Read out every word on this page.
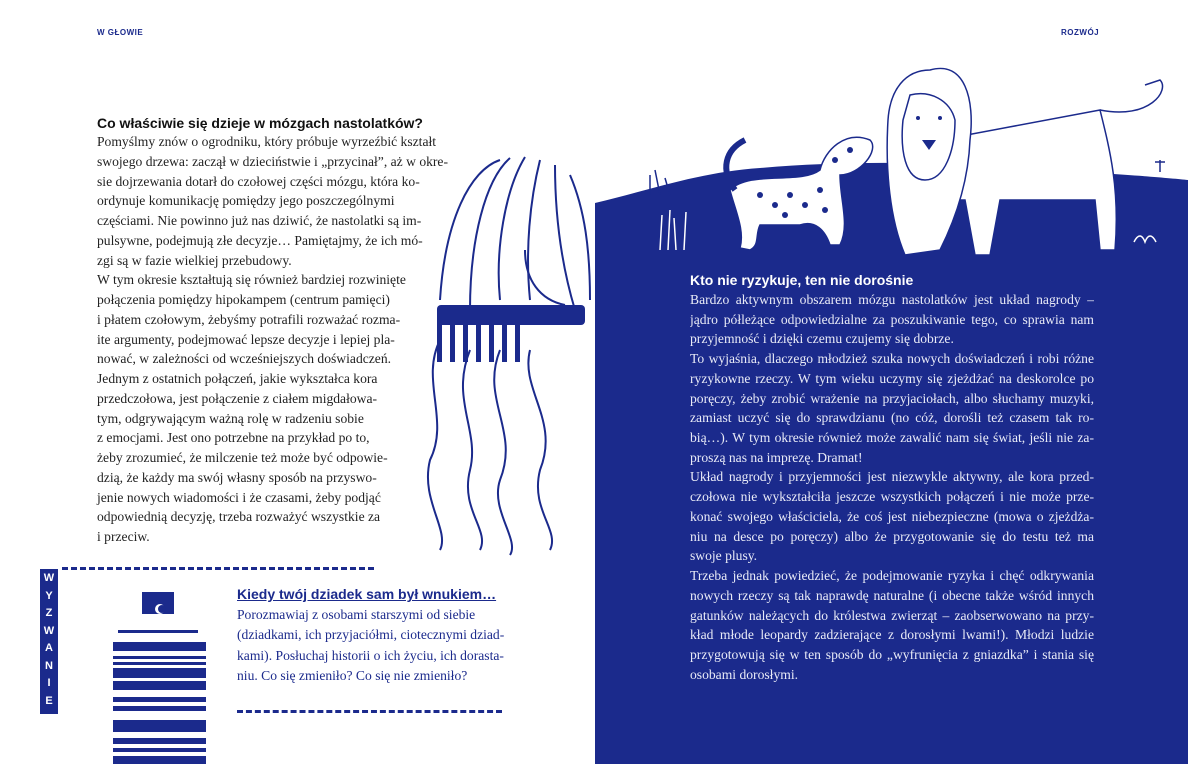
W GŁOWIE	ROZWÓJ
Co właściwie się dzieje w mózgach nastolatków?
Pomyślmy znów o ogrodniku, który próbuje wyrzeźbić kształt
swojego drzewa: zaczął w dzieciństwie i „przycinał”, aż w okre-
sie dojrzewania dotarł do czołowej części mózgu, która ko-
ordynuje komunikację pomiędzy jego poszczególnymi
częściami. Nie powinno już nas dziwić, że nastolatki są im-
pulsywne, podejmują złe decyzje… Pamiętajmy, że ich mó-
zgi są w fazie wielkiej przebudowy.
W tym okresie kształtują się również bardziej rozwinięte
połączenia pomiędzy hipokampem (centrum pamięci)
i płatem czołowym, żebyśmy potrafili rozważać rozma-
ite argumenty, podejmować lepsze decyzje i lepiej pla-
nować, w zależności od wcześniejszych doświadczeń.
Jednym z ostatnich połączeń, jakie wykształca kora
przedczołowa, jest połączenie z ciałem migdałowa-
tym, odgrywającym ważną rolę w radzeniu sobie
z emocjami. Jest ono potrzebne na przykład po to,
żeby zrozumieć, że milczenie też może być odpowie-
dzią, że każdy ma swój własny sposób na przyswo-
jenie nowych wiadomości i że czasami, żeby podjąć
odpowiednią decyzję, trzeba rozważyć wszystkie za
i przeciw.
Kto nie ryzykuje, ten nie dorośnie
Bardzo aktywnym obszarem mózgu nastolatków jest układ nagrody –
jądro półleżące odpowiedzialne za poszukiwanie tego, co sprawia nam
przyjemność i dzięki czemu czujemy się dobrze.
To wyjaśnia, dlaczego młodzież szuka nowych doświadczeń i robi różne
ryzykowne rzeczy. W tym wieku uczymy się zjeżdżać na deskorolce po
poręczy, żeby zrobić wrażenie na przyjaciołach, albo słuchamy muzyki,
zamiast uczyć się do sprawdzianu (no cóż, dorośli też czasem tak ro-
bią…). W tym okresie również może zawalić nam się świat, jeśli nie za-
proszą nas na imprezę. Dramat!
Układ nagrody i przyjemności jest niezwykle aktywny, ale kora przed-
czołowa nie wykształciła jeszcze wszystkich połączeń i nie może prze-
konać swojego właściciela, że coś jest niebezpieczne (mowa o zjeżdża-
niu na desce po poręczy) albo że przygotowanie się do testu też ma
swoje plusy.
Trzeba jednak powiedzieć, że podejmowanie ryzyka i chęć odkrywania
nowych rzeczy są tak naprawdę naturalne (i obecne także wśród innych
gatunków należących do królestwa zwierząt – zaobserwowano na przy-
kład młode leopardy zadzierające z dorosłymi lwami!). Młodzi ludzie
przygotowują się w ten sposób do „wyfrunięcia z gniazdka” i stania się
osobami dorosłymi.
W
Y
Z
W
A
N
I
E
Kiedy twój dziadek sam był wnukiem…
Porozmawiaj z osobami starszymi od siebie
(dziadkami, ich przyjaciółmi, ciotecznymi dziad-
kami). Posłuchaj historii o ich życiu, ich dorasta-
niu. Co się zmieniło? Co się nie zmieniło?
